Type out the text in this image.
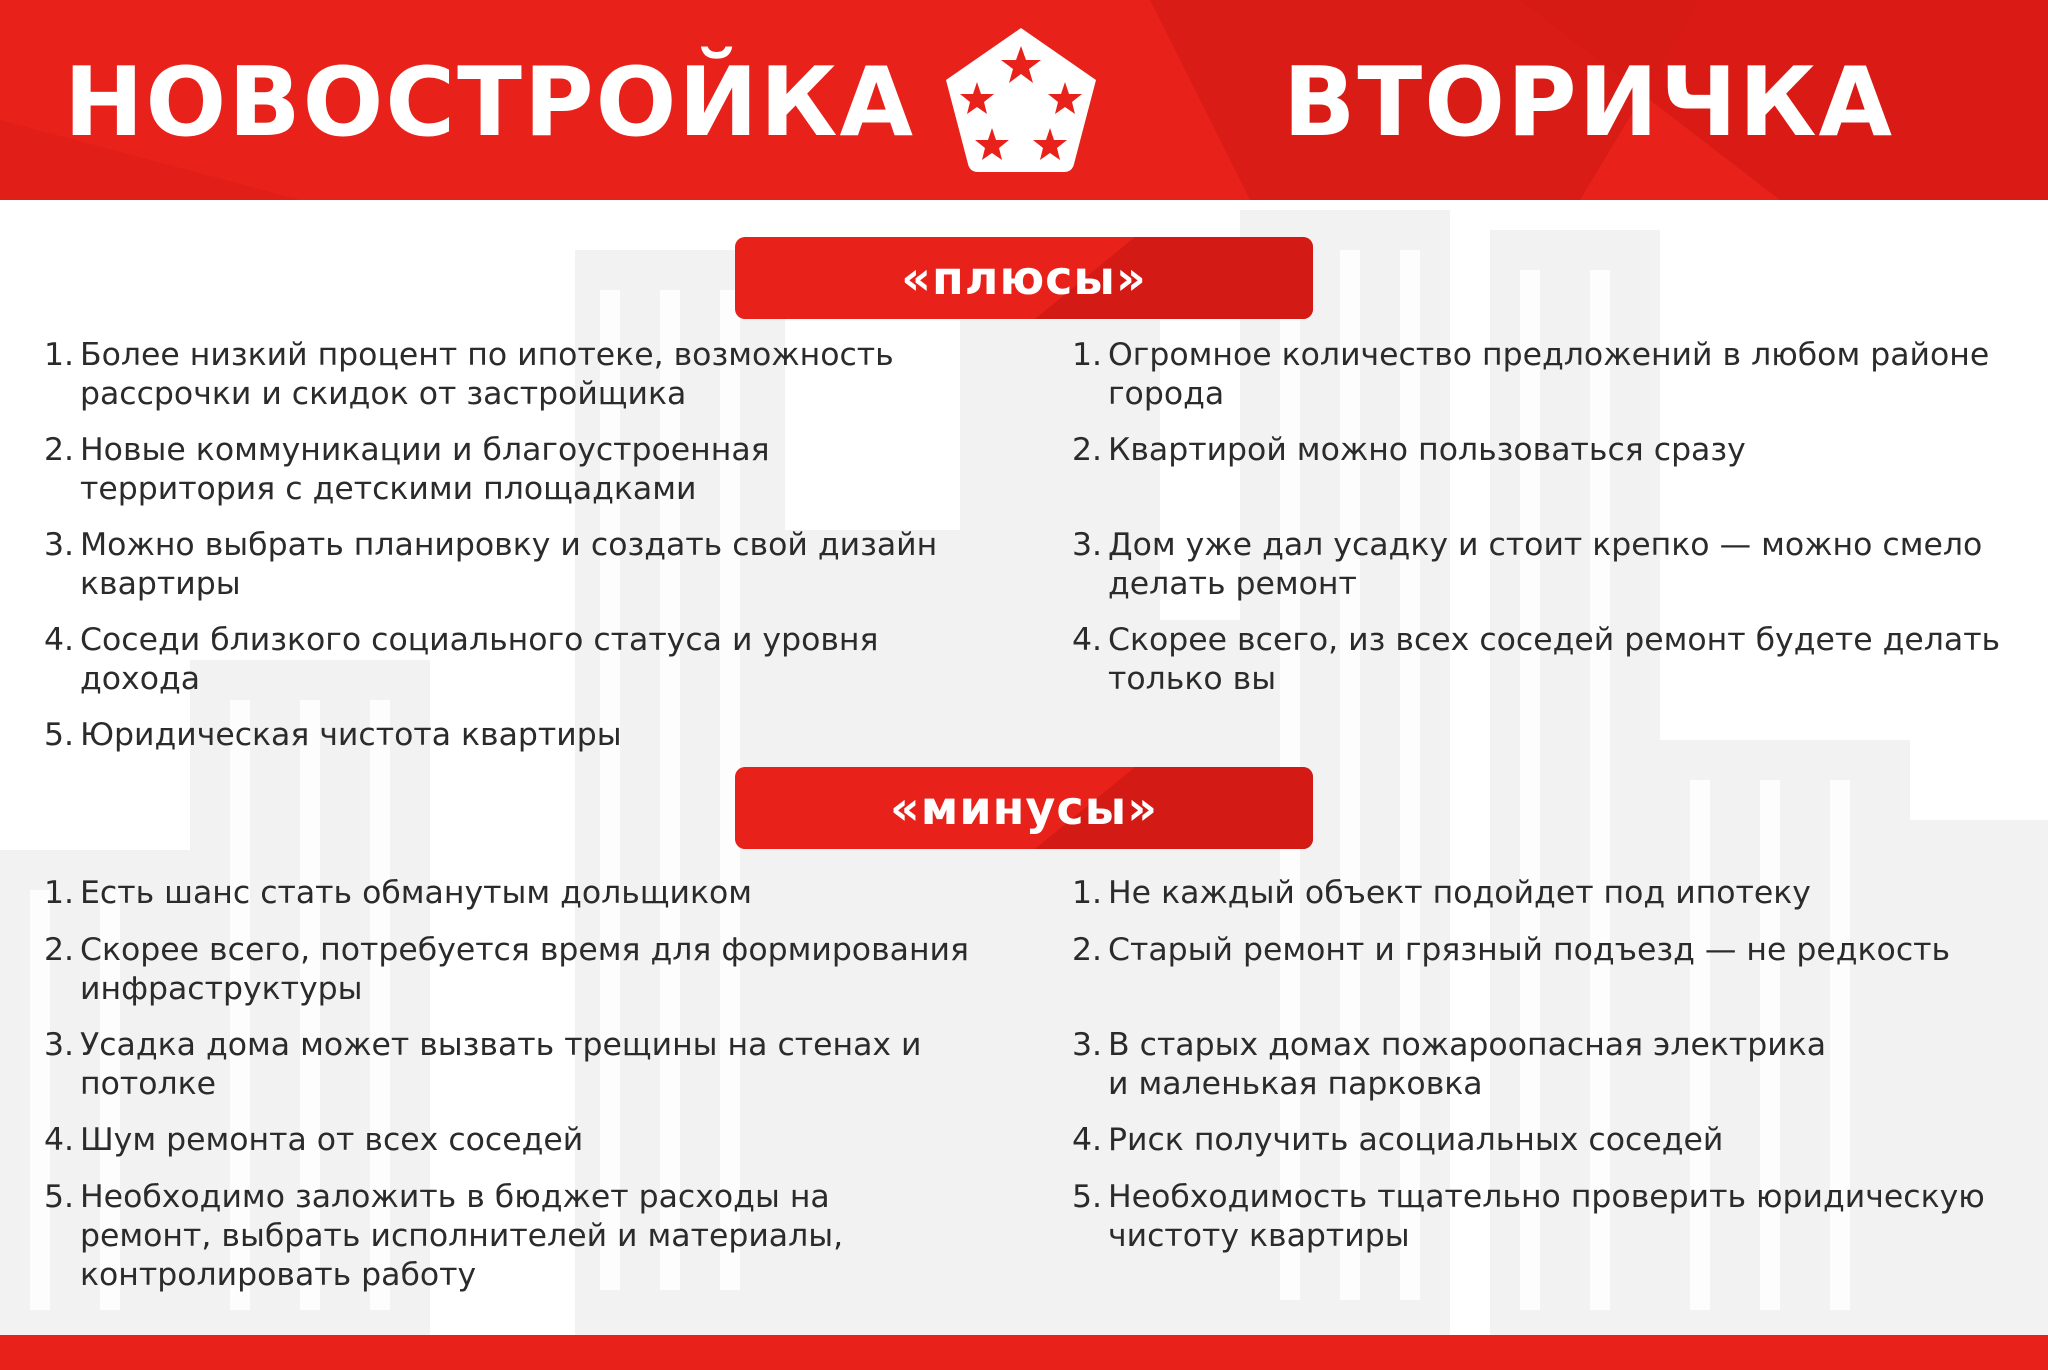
НОВОСТРОЙКА	ВТОРИЧКА
«плюсы»
1. Более низкий процент по ипотеке, возможность
рассрочки и скидок от застройщика
2. Новые коммуникации и благоустроенная
территория с детскими площадками
3. Можно выбрать планировку и создать свой дизайн
квартиры
4. Соседи близкого социального статуса и уровня
дохода
5. Юридическая чистота квартиры
1. Огромное количество предложений в любом районе
города
2. Квартирой можно пользоваться сразу
3. Дом уже дал усадку и стоит крепко — можно смело
делать ремонт
4. Скорее всего, из всех соседей ремонт будете делать
только вы
«минусы»
1. Есть шанс стать обманутым дольщиком
2. Скорее всего, потребуется время для формирования
инфраструктуры
3. Усадка дома может вызвать трещины на стенах и
потолке
4. Шум ремонта от всех соседей
5. Необходимо заложить в бюджет расходы на
ремонт, выбрать исполнителей и материалы,
контролировать работу
1. Не каждый объект подойдет под ипотеку
2. Старый ремонт и грязный подъезд — не редкость
3. В старых домах пожароопасная электрика
и маленькая парковка
4. Риск получить асоциальных соседей
5. Необходимость тщательно проверить юридическую
чистоту квартиры
